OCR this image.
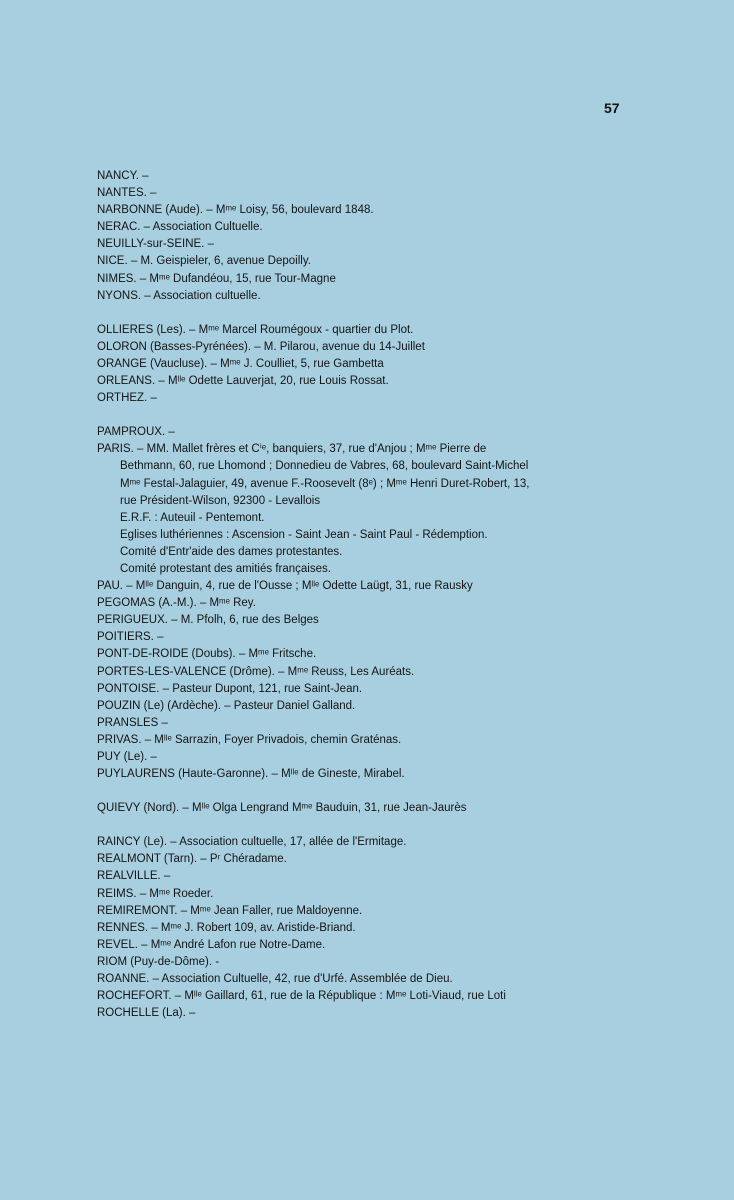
57
NANCY. –
NANTES. –
NARBONNE (Aude). – Mᵐᵉ Loisy, 56, boulevard 1848.
NERAC. – Association Cultuelle.
NEUILLY-sur-SEINE. –
NICE. – M. Geispieler, 6, avenue Depoilly.
NIMES. – Mᵐᵉ Dufandéou, 15, rue Tour-Magne
NYONS. – Association cultuelle.
OLLIERES (Les). – Mᵐᵉ Marcel Roumégoux - quartier du Plot.
OLORON (Basses-Pyrénées). – M. Pilarou, avenue du 14-Juillet
ORANGE (Vaucluse). – Mᵐᵉ J. Coulliet, 5, rue Gambetta
ORLEANS. – Mˡˡᵉ Odette Lauverjat, 20, rue Louis Rossat.
ORTHEZ. –
PAMPROUX. –
PARIS. – MM. Mallet frères et Cⁱᵉ, banquiers, 37, rue d'Anjou ; Mᵐᵉ Pierre de
Bethmann, 60, rue Lhomond ; Donnedieu de Vabres, 68, boulevard Saint-Michel
Mᵐᵉ Festal-Jalaguier, 49, avenue F.-Roosevelt (8ᵉ) ; Mᵐᵉ Henri Duret-Robert, 13,
rue Président-Wilson, 92300 - Levallois
E.R.F. : Auteuil - Pentemont.
Eglises luthériennes : Ascension - Saint Jean - Saint Paul - Rédemption.
Comité d'Entr'aide des dames protestantes.
Comité protestant des amitiés françaises.
PAU. – Mˡˡᵉ Danguin, 4, rue de l'Ousse ; Mˡˡᵉ Odette Laügt, 31, rue Rausky
PEGOMAS (A.-M.). – Mᵐᵉ Rey.
PERIGUEUX. – M. Pfolh, 6, rue des Belges
POITIERS. –
PONT-DE-ROIDE (Doubs). – Mᵐᵉ Fritsche.
PORTES-LES-VALENCE (Drôme). – Mᵐᵉ Reuss, Les Auréats.
PONTOISE. – Pasteur Dupont, 121, rue Saint-Jean.
POUZIN (Le) (Ardèche). – Pasteur Daniel Galland.
PRANSLES –
PRIVAS. – Mˡˡᵉ Sarrazin, Foyer Privadois, chemin Graténas.
PUY (Le). –
PUYLAURENS (Haute-Garonne). – Mˡˡᵉ de Gineste, Mirabel.
QUIEVY (Nord). – Mˡˡᵉ Olga Lengrand Mᵐᵉ Bauduin, 31, rue Jean-Jaurès
RAINCY (Le). – Association cultuelle, 17, allée de l'Ermitage.
REALMONT (Tarn). – Pʳ Chéradame.
REALVILLE. –
REIMS. – Mᵐᵉ Roeder.
REMIREMONT. – Mᵐᵉ Jean Faller, rue Maldoyenne.
RENNES. – Mᵐᵉ J. Robert 109, av. Aristide-Briand.
REVEL. – Mᵐᵉ André Lafon rue Notre-Dame.
RIOM (Puy-de-Dôme). -
ROANNE. – Association Cultuelle, 42, rue d'Urfé. Assemblée de Dieu.
ROCHEFORT. – Mˡˡᵉ Gaillard, 61, rue de la République : Mᵐᵉ Loti-Viaud, rue Loti
ROCHELLE (La). –
